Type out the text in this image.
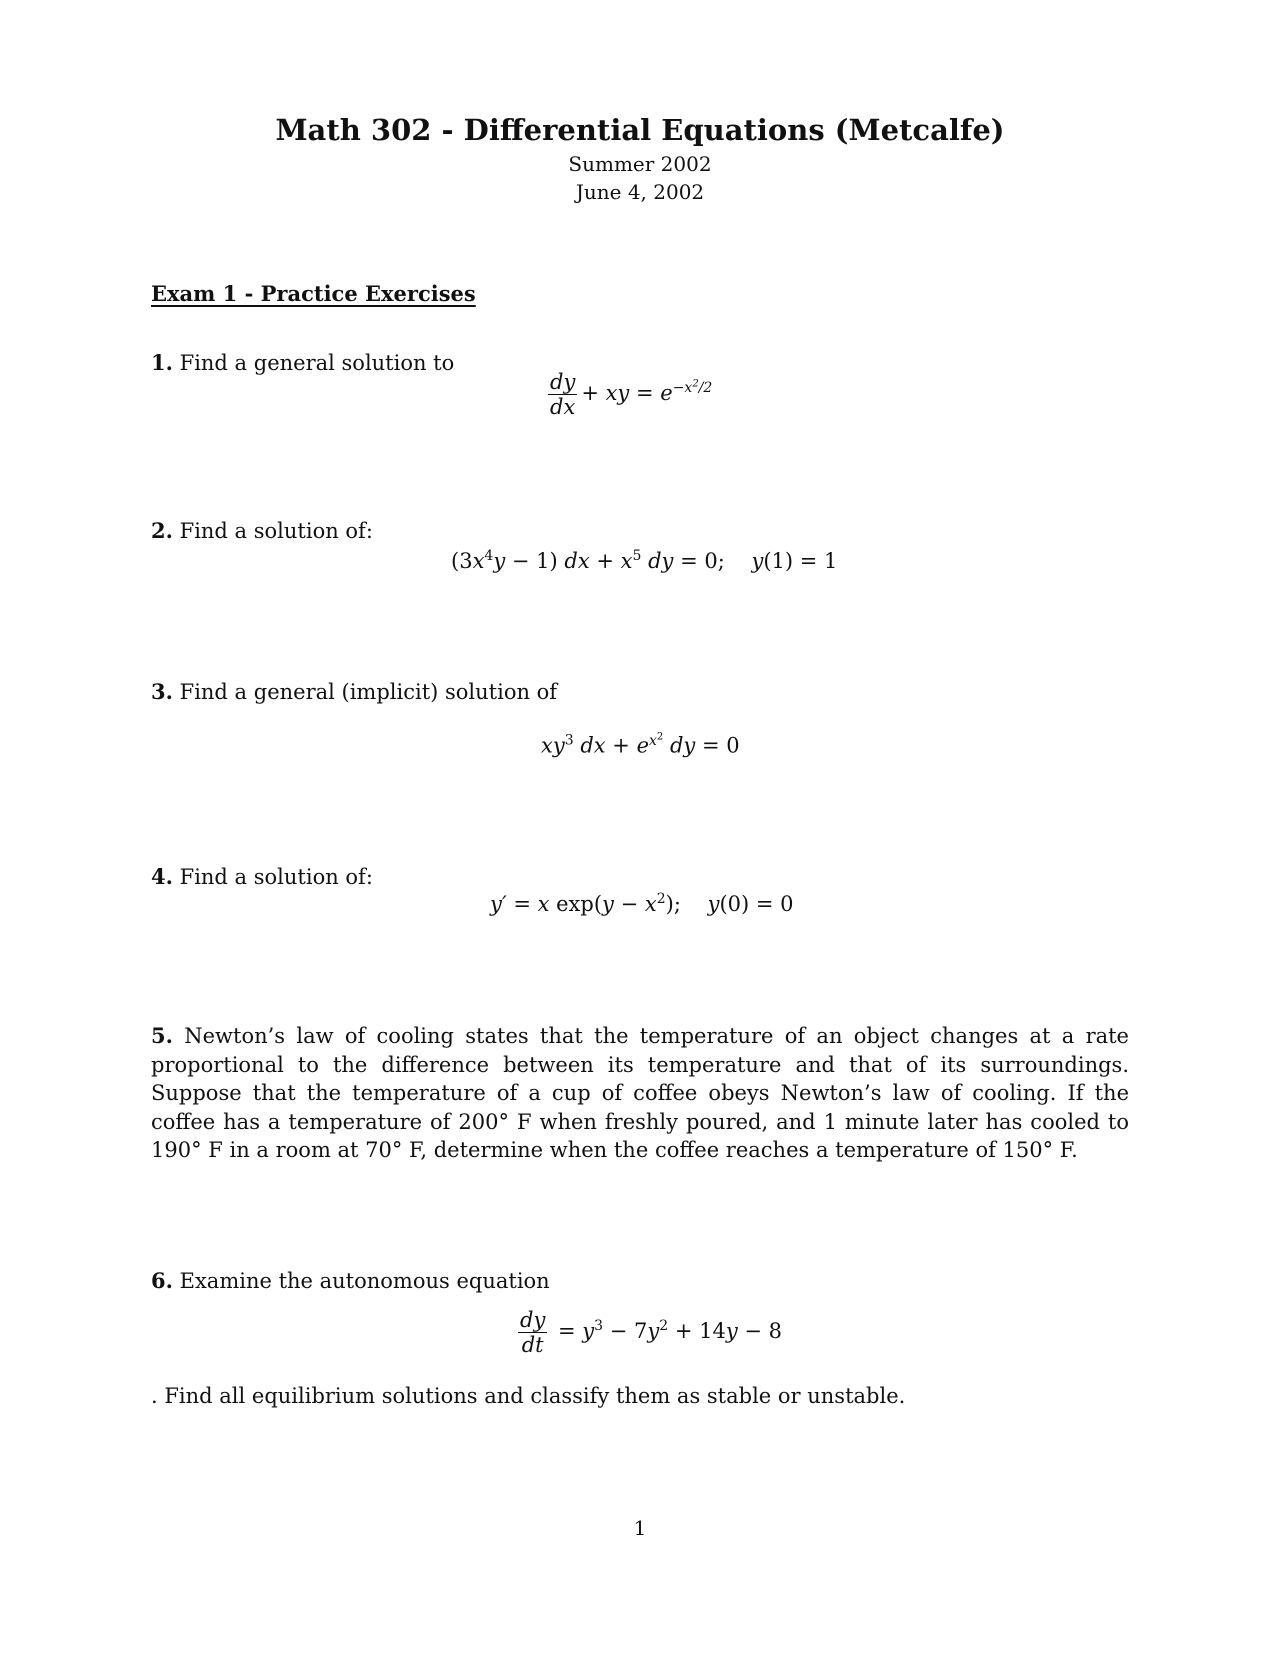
Math 302 - Differential Equations (Metcalfe)
Summer 2002
June 4, 2002
Exam 1 - Practice Exercises
1. Find a general solution to
$\frac{dy}{dx}$ + xy = $e^{-x^2/2}$
2. Find a solution of:
$(3x^4y - 1)$ dx + $x^5$ dy = 0;    y(1) = 1
3. Find a general (implicit) solution of
$xy^3$ dx + $e^{x^2}$ dy = 0
4. Find a solution of:
y′ = x $\exp(y - x^2)$;    y(0) = 0
5. Newton’s law of cooling states that the temperature of an object changes at a rate proportional to the difference between its temperature and that of its surroundings. Suppose that the temperature of a cup of coffee obeys Newton’s law of cooling. If the coffee has a temperature of 200° F when freshly poured, and 1 minute later has cooled to 190° F in a room at 70° F, determine when the coffee reaches a temperature of 150° F.
6. Examine the autonomous equation
$\frac{dy}{dt} = y^3 - 7y^2 + 14y - 8$
. Find all equilibrium solutions and classify them as stable or unstable.
1
